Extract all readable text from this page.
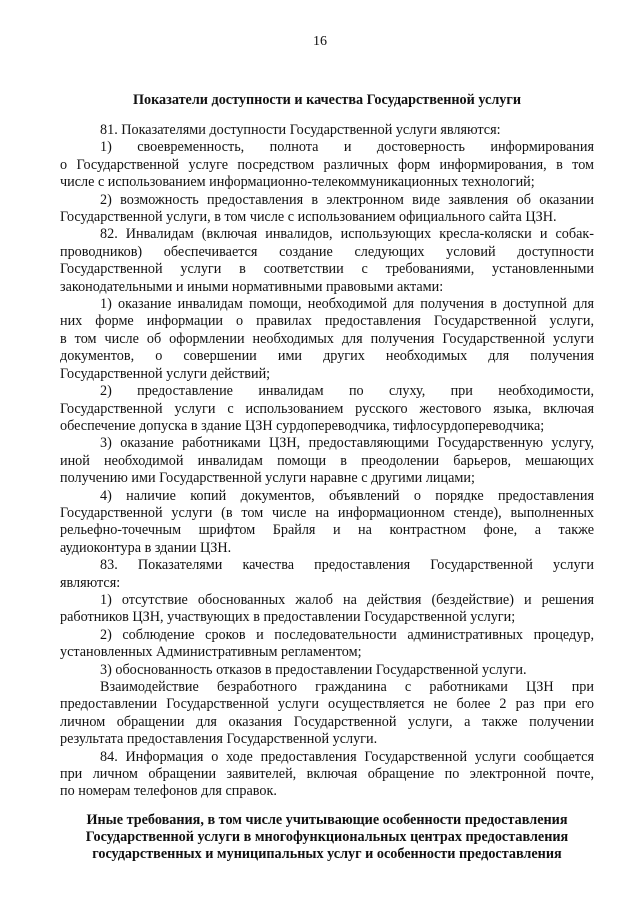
16
Показатели доступности и качества Государственной услуги
81. Показателями доступности Государственной услуги являются:
1) своевременность, полнота и достоверность информирования
о Государственной услуге посредством различных форм информирования, в том
числе с использованием информационно-телекоммуникационных технологий;
2) возможность предоставления в электронном виде заявления об оказании
Государственной услуги, в том числе с использованием официального сайта ЦЗН.
82. Инвалидам (включая инвалидов, использующих кресла-коляски и собак-
проводников) обеспечивается создание следующих условий доступности
Государственной услуги в соответствии с требованиями, установленными
законодательными и иными нормативными правовыми актами:
1) оказание инвалидам помощи, необходимой для получения в доступной для
них форме информации о правилах предоставления Государственной услуги,
в том числе об оформлении необходимых для получения Государственной услуги
документов, о совершении ими других необходимых для получения
Государственной услуги действий;
2) предоставление инвалидам по слуху, при необходимости,
Государственной услуги с использованием русского жестового языка, включая
обеспечение допуска в здание ЦЗН сурдопереводчика, тифлосурдопереводчика;
3) оказание работниками ЦЗН, предоставляющими Государственную услугу,
иной необходимой инвалидам помощи в преодолении барьеров, мешающих
получению ими Государственной услуги наравне с другими лицами;
4) наличие копий документов, объявлений о порядке предоставления
Государственной услуги (в том числе на информационном стенде), выполненных
рельефно-точечным шрифтом Брайля и на контрастном фоне, а также
аудиоконтура в здании ЦЗН.
83. Показателями качества предоставления Государственной услуги
являются:
1) отсутствие обоснованных жалоб на действия (бездействие) и решения
работников ЦЗН, участвующих в предоставлении Государственной услуги;
2) соблюдение сроков и последовательности административных процедур,
установленных Административным регламентом;
3) обоснованность отказов в предоставлении Государственной услуги.
Взаимодействие безработного гражданина с работниками ЦЗН при
предоставлении Государственной услуги осуществляется не более 2 раз при его
личном обращении для оказания Государственной услуги, а также получении
результата предоставления Государственной услуги.
84. Информация о ходе предоставления Государственной услуги сообщается
при личном обращении заявителей, включая обращение по электронной почте,
по номерам телефонов для справок.
Иные требования, в том числе учитывающие особенности предоставления
Государственной услуги в многофункциональных центрах предоставления
государственных и муниципальных услуг и особенности предоставления
